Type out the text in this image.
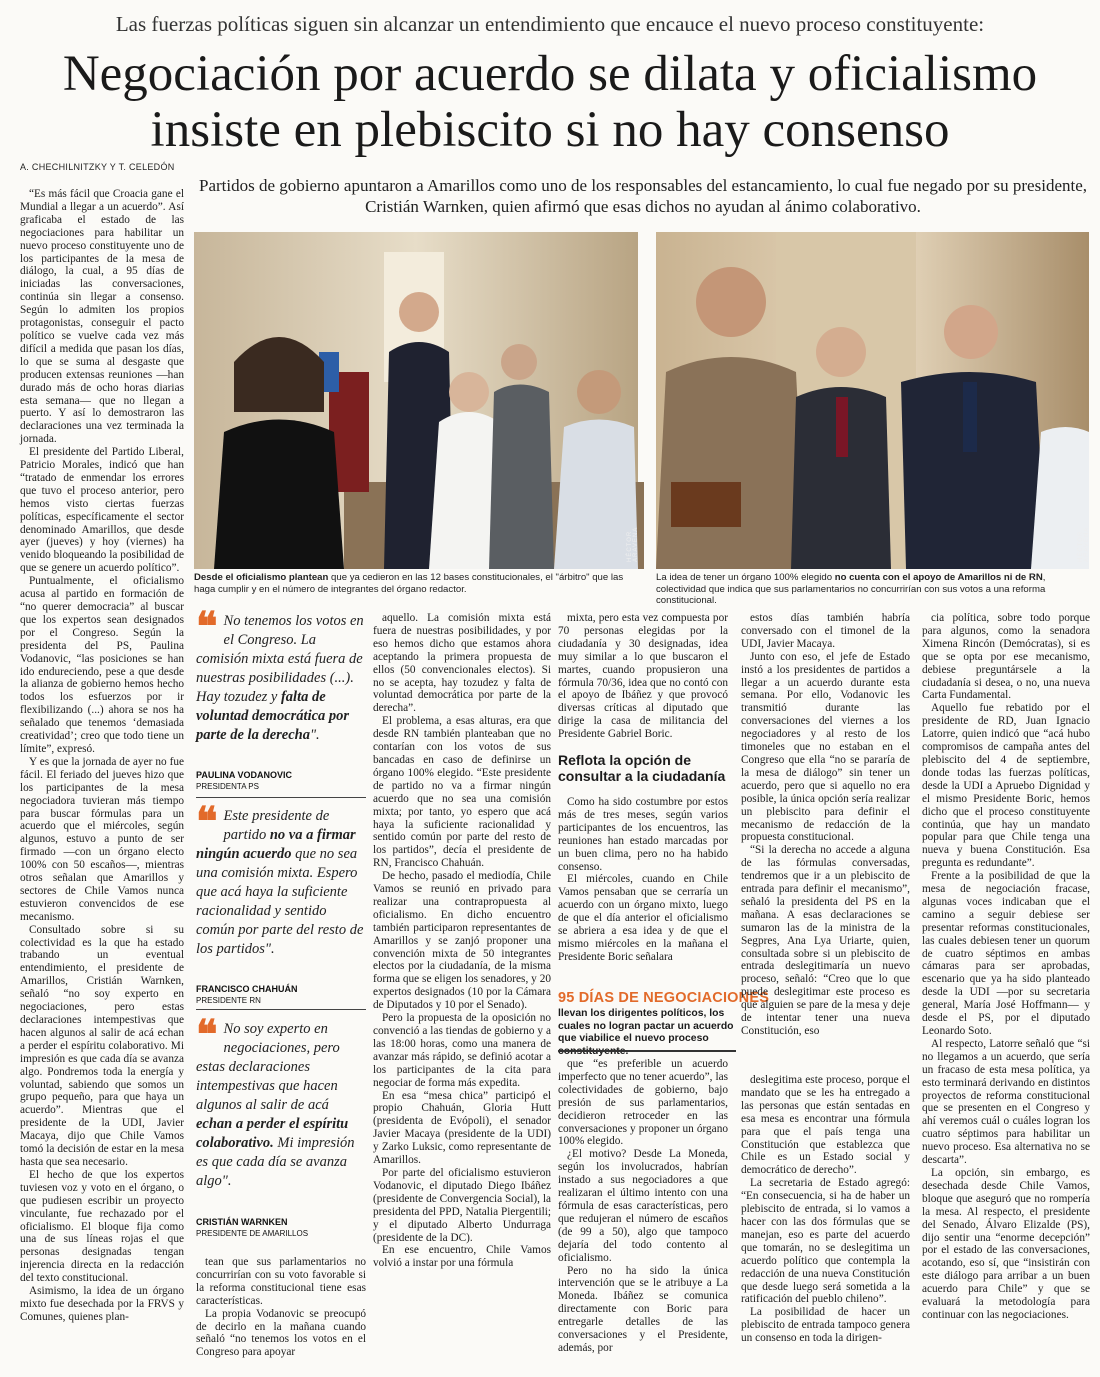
Las fuerzas políticas siguen sin alcanzar un entendimiento que encauce el nuevo proceso constituyente:
Negociación por acuerdo se dilata y oficialismo
insiste en plebiscito si no hay consenso
A. CHECHILNITZKY Y T. CELEDÓN
Partidos de gobierno apuntaron a Amarillos como uno de los responsables del estancamiento, lo cual fue negado por su presidente, Cristián Warnken, quien afirmó que esas dichos no ayudan al ánimo colaborativo.
HÉCTOR ARAVENA
Desde el oficialismo plantean que ya cedieron en las 12 bases constitucionales, el "árbitro" que las haga cumplir y en el número de integrantes del órgano redactor.
HÉCTOR ARAVENA
La idea de tener un órgano 100% elegido no cuenta con el apoyo de Amarillos ni de RN, colectividad que indica que sus parlamentarios no concurrirían con sus votos a una reforma constitucional.
❝ No tenemos los votos en el Congreso. La comisión mixta está fuera de nuestras posibilidades (...). Hay tozudez y falta de voluntad democrática por parte de la derecha".
PAULINA VODANOVIC
PRESIDENTA PS
❝ Este presidente de partido no va a firmar ningún acuerdo que no sea una comisión mixta. Espero que acá haya la suficiente racionalidad y sentido común por parte del resto de los partidos".
FRANCISCO CHAHUÁN
PRESIDENTE RN
❝ No soy experto en negociaciones, pero estas declaraciones intempestivas que hacen algunos al salir de acá echan a perder el espíritu colaborativo. Mi impresión es que cada día se avanza algo".
CRISTIÁN WARNKEN
PRESIDENTE DE AMARILLOS

“Es más fácil que Croacia gane el Mundial a llegar a un acuerdo”. Así graficaba el estado de las negociaciones para habilitar un nuevo proceso constituyente uno de los participantes de la mesa de diálogo, la cual, a 95 días de iniciadas las conversaciones, continúa sin llegar a consenso. Según lo admiten los propios protagonistas, conseguir el pacto político se vuelve cada vez más difícil a medida que pasan los días, lo que se suma al desgaste que producen extensas reuniones —han durado más de ocho horas diarias esta semana— que no llegan a puerto. Y así lo demostraron las declaraciones una vez terminada la jornada.

El presidente del Partido Liberal, Patricio Morales, indicó que han “tratado de enmendar los errores que tuvo el proceso anterior, pero hemos visto ciertas fuerzas políticas, específicamente el sector denominado Amarillos, que desde ayer (jueves) y hoy (viernes) ha venido bloqueando la posibilidad de que se genere un acuerdo político”.

Puntualmente, el oficialismo acusa al partido en formación de “no querer democracia” al buscar que los expertos sean designados por el Congreso. Según la presidenta del PS, Paulina Vodanovic, “las posiciones se han ido endureciendo, pese a que desde la alianza de gobierno hemos hecho todos los esfuerzos por ir flexibilizando (...) ahora se nos ha señalado que tenemos ‘demasiada creatividad’; creo que todo tiene un límite”, expresó.

Y es que la jornada de ayer no fue fácil. El feriado del jueves hizo que los participantes de la mesa negociadora tuvieran más tiempo para buscar fórmulas para un acuerdo que el miércoles, según algunos, estuvo a punto de ser firmado —con un órgano electo 100% con 50 escaños—, mientras otros señalan que Amarillos y sectores de Chile Vamos nunca estuvieron convencidos de ese mecanismo.

Consultado sobre si su colectividad es la que ha estado trabando un eventual entendimiento, el presidente de Amarillos, Cristián Warnken, señaló “no soy experto en negociaciones, pero estas declaraciones intempestivas que hacen algunos al salir de acá echan a perder el espíritu colaborativo. Mi impresión es que cada día se avanza algo. Pondremos toda la energía y voluntad, sabiendo que somos un grupo pequeño, para que haya un acuerdo”. Mientras que el presidente de la UDI, Javier Macaya, dijo que Chile Vamos tomó la decisión de estar en la mesa hasta que sea necesario.

El hecho de que los expertos tuviesen voz y voto en el órgano, o que pudiesen escribir un proyecto vinculante, fue rechazado por el oficialismo. El bloque fija como una de sus líneas rojas el que personas designadas tengan injerencia directa en la redacción del texto constitucional.

Asimismo, la idea de un órgano mixto fue desechada por la FRVS y Comunes, quienes plan-

tean que sus parlamentarios no concurrirían con su voto favorable si la reforma constitucional tiene esas características.

La propia Vodanovic se preocupó de decirlo en la mañana cuando señaló “no tenemos los votos en el Congreso para apoyar

aquello. La comisión mixta está fuera de nuestras posibilidades, y por eso hemos dicho que estamos ahora aceptando la primera propuesta de ellos (50 convencionales electos). Si no se acepta, hay tozudez y falta de voluntad democrática por parte de la derecha”.

El problema, a esas alturas, era que desde RN también planteaban que no contarían con los votos de sus bancadas en caso de definirse un órgano 100% elegido. “Este presidente de partido no va a firmar ningún acuerdo que no sea una comisión mixta; por tanto, yo espero que acá haya la suficiente racionalidad y sentido común por parte del resto de los partidos”, decía el presidente de RN, Francisco Chahuán.

De hecho, pasado el mediodía, Chile Vamos se reunió en privado para realizar una contrapropuesta al oficialismo. En dicho encuentro también participaron representantes de Amarillos y se zanjó proponer una convención mixta de 50 integrantes electos por la ciudadanía, de la misma forma que se eligen los senadores, y 20 expertos designados (10 por la Cámara de Diputados y 10 por el Senado).

Pero la propuesta de la oposición no convenció a las tiendas de gobierno y a las 18:00 horas, como una manera de avanzar más rápido, se definió acotar a los participantes de la cita para negociar de forma más expedita.

En esa “mesa chica” participó el propio Chahuán, Gloria Hutt (presidenta de Evópoli), el senador Javier Macaya (presidente de la UDI) y Zarko Luksic, como representante de Amarillos.

Por parte del oficialismo estuvieron Vodanovic, el diputado Diego Ibáñez (presidente de Convergencia Social), la presidenta del PPD, Natalia Piergentili; y el diputado Alberto Undurraga (presidente de la DC).

En ese encuentro, Chile Vamos volvió a instar por una fórmula

mixta, pero esta vez compuesta por 70 personas elegidas por la ciudadanía y 30 designadas, idea muy similar a lo que buscaron el martes, cuando propusieron una fórmula 70/36, idea que no contó con el apoyo de Ibáñez y que provocó diversas críticas al diputado que dirige la casa de militancia del Presidente Gabriel Boric.

Reflota la opción de consultar a la ciudadanía

Como ha sido costumbre por estos más de tres meses, según varios participantes de los encuentros, las reuniones han estado marcadas por un buen clima, pero no ha habido consenso.

El miércoles, cuando en Chile Vamos pensaban que se cerraría un acuerdo con un órgano mixto, luego de que el día anterior el oficialismo se abriera a esa idea y de que el mismo miércoles en la mañana el Presidente Boric señalara

95 DÍAS DE NEGOCIACIONES
llevan los dirigentes políticos, los cuales no logran pactar un acuerdo que viabilice el nuevo proceso

que “es preferible un acuerdo imperfecto que no tener acuerdo”, las colectividades de gobierno, bajo presión de sus parlamentarios, decidieron retroceder en las conversaciones y proponer un órgano 100% elegido.

¿El motivo? Desde La Moneda, según los involucrados, habrían instado a sus negociadores a que realizaran el último intento con una fórmula de esas características, pero que redujeran el número de escaños (de 99 a 50), algo que tampoco dejaría del todo contento al oficialismo.

Pero no ha sido la única intervención que se le atribuye a La Moneda. Ibáñez se comunica directamente con Boric para entregarle detalles de las conversaciones y el Presidente, además, por

estos días también habría conversado con el timonel de la UDI, Javier Macaya.

Junto con eso, el jefe de Estado instó a los presidentes de partidos a llegar a un acuerdo durante esta semana. Por ello, Vodanovic les transmitió durante las conversaciones del viernes a los negociadores y al resto de los timoneles que no estaban en el Congreso que ella “no se pararía de la mesa de diálogo” sin tener un acuerdo, pero que si aquello no era posible, la única opción sería realizar un plebiscito para definir el mecanismo de redacción de la propuesta constitucional.

“Si la derecha no accede a alguna de las fórmulas conversadas, tendremos que ir a un plebiscito de entrada para definir el mecanismo”, señaló la presidenta del PS en la mañana. A esas declaraciones se sumaron las de la ministra de la Segpres, Ana Lya Uriarte, quien, consultada sobre si un plebiscito de entrada deslegitimaría un nuevo proceso, señaló: “Creo que lo que puede deslegitimar este proceso es que alguien se pare de la mesa y deje de intentar tener una nueva Constitución, eso

deslegitima este proceso, porque el mandato que se les ha entregado a las personas que están sentadas en esa mesa es encontrar una fórmula para que el país tenga una Constitución que establezca que Chile es un Estado social y democrático de derecho”.

La secretaria de Estado agregó: “En consecuencia, si ha de haber un plebiscito de entrada, si lo vamos a hacer con las dos fórmulas que se manejan, eso es parte del acuerdo que tomarán, no se deslegitima un acuerdo político que contempla la redacción de una nueva Constitución que desde luego será sometida a la ratificación del pueblo chileno”.

La posibilidad de hacer un plebiscito de entrada tampoco genera un consenso en toda la dirigen-

cia política, sobre todo porque para algunos, como la senadora Ximena Rincón (Demócratas), si es que se opta por ese mecanismo, debiese preguntársele a la ciudadanía si desea, o no, una nueva Carta Fundamental.

Aquello fue rebatido por el presidente de RD, Juan Ignacio Latorre, quien indicó que “acá hubo compromisos de campaña antes del plebiscito del 4 de septiembre, donde todas las fuerzas políticas, desde la UDI a Apruebo Dignidad y el mismo Presidente Boric, hemos dicho que el proceso constituyente continúa, que hay un mandato popular para que Chile tenga una nueva y buena Constitución. Esa pregunta es redundante”.

Frente a la posibilidad de que la mesa de negociación fracase, algunas voces indicaban que el camino a seguir debiese ser presentar reformas constitucionales, las cuales debiesen tener un quorum de cuatro séptimos en ambas cámaras para ser aprobadas, escenario que ya ha sido planteado desde la UDI —por su secretaria general, María José Hoffmann— y desde el PS, por el diputado Leonardo Soto.

Al respecto, Latorre señaló que “si no llegamos a un acuerdo, que sería un fracaso de esta mesa política, ya esto terminará derivando en distintos proyectos de reforma constitucional que se presenten en el Congreso y ahí veremos cuál o cuáles logran los cuatro séptimos para habilitar un nuevo proceso. Esa alternativa no se descarta”.

La opción, sin embargo, es desechada desde Chile Vamos, bloque que aseguró que no rompería la mesa. Al respecto, el presidente del Senado, Álvaro Elizalde (PS), dijo sentir una “enorme decepción” por el estado de las conversaciones, acotando, eso sí, que “insistirán con este diálogo para arribar a un buen acuerdo para Chile” y que se evaluará la metodología para continuar con las negociaciones.
